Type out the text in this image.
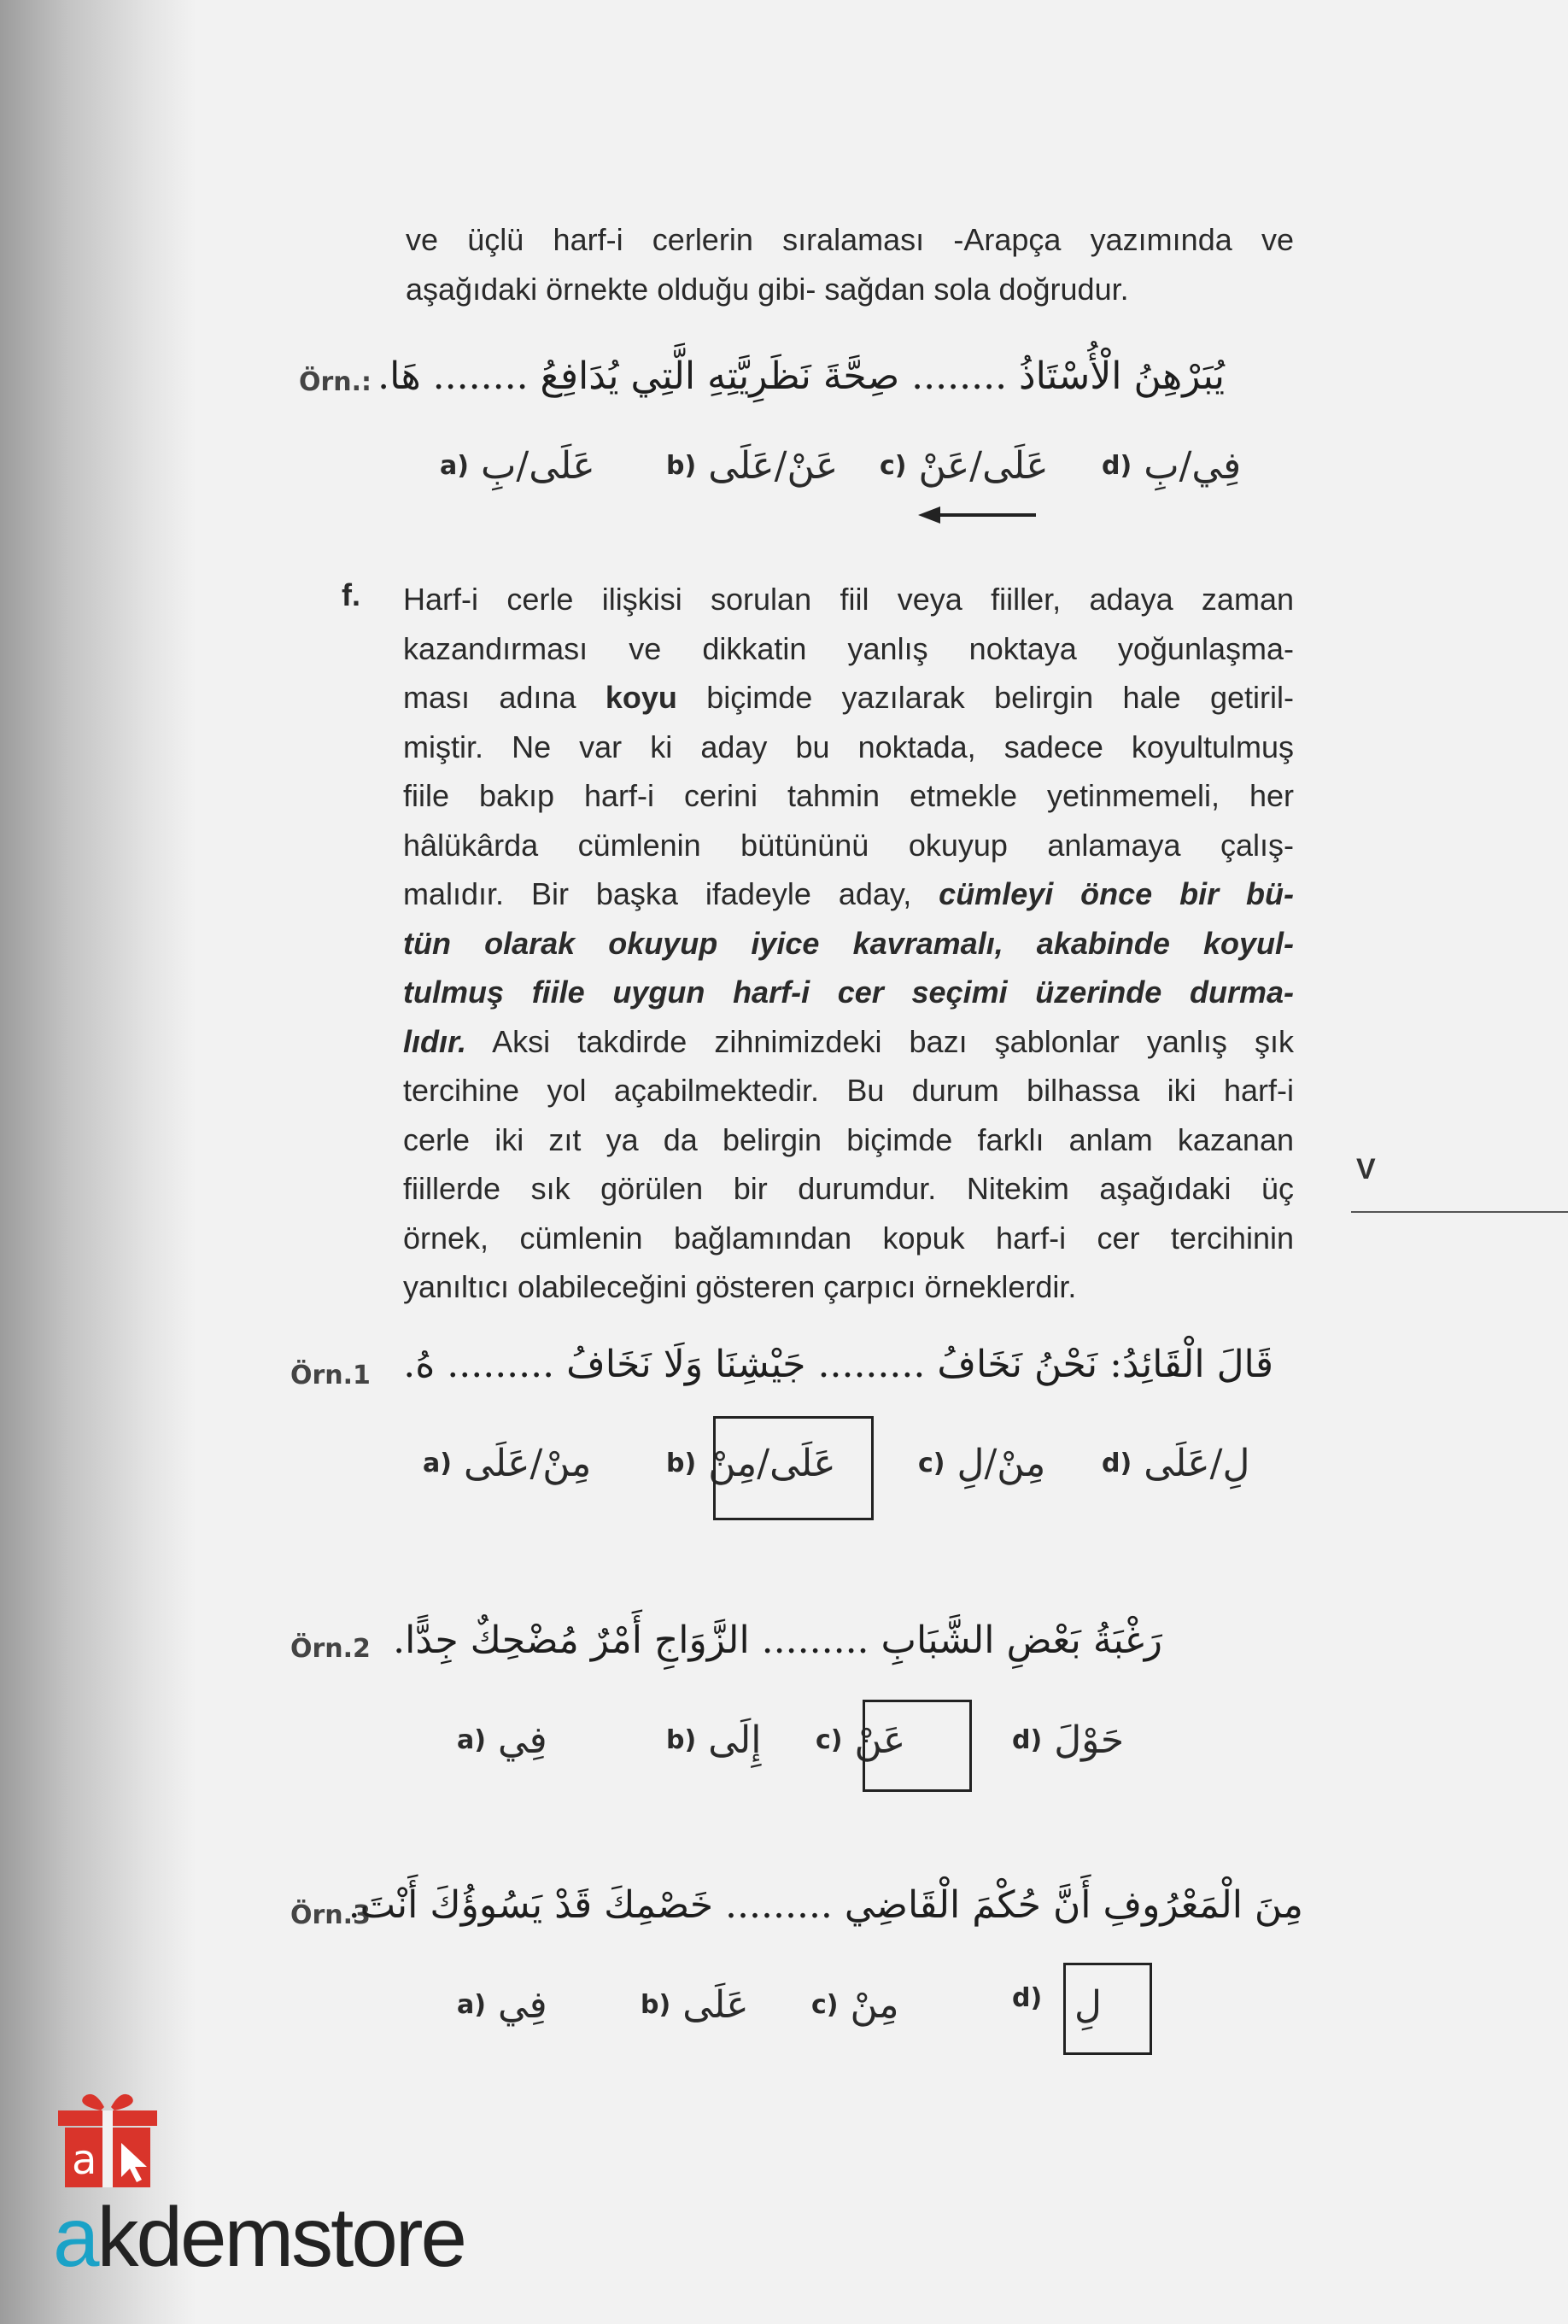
ve üçlü harf-i cerlerin sıralaması -Arapça yazımında ve
aşağıdaki örnekte olduğu gibi- sağdan sola doğrudur.
Örn.: يُبَرْهِنُ الْأُسْتَاذُ ........ صِحَّةَ نَظَرِيَّتِهِ الَّتِي يُدَافِعُ ........ هَا.
a) عَلَى/بِ	b) عَنْ/عَلَى c) عَلَى/عَنْ d) فِي/بِ
f. Harf-i cerle ilişkisi sorulan fiil veya fiiller, adaya zaman
kazandırması ve dikkatin yanlış noktaya yoğunlaşma-
ması adına koyu biçimde yazılarak belirgin hale getiril-
miştir. Ne var ki aday bu noktada, sadece koyultulmuş
fiile bakıp harf-i cerini tahmin etmekle yetinmemeli, her
hâlükârda cümlenin bütününü okuyup anlamaya çalış-
malıdır. Bir başka ifadeyle aday, cümleyi önce bir bü-
tün olarak okuyup iyice kavramalı, akabinde koyul-
tulmuş fiile uygun harf-i cer seçimi üzerinde durma-
lıdır. Aksi takdirde zihnimizdeki bazı şablonlar yanlış şık
tercihine yol açabilmektedir. Bu durum bilhassa iki harf-i
cerle iki zıt ya da belirgin biçimde farklı anlam kazanan
fiillerde sık görülen bir durumdur. Nitekim aşağıdaki üç
örnek, cümlenin bağlamından kopuk harf-i cer tercihinin
yanıltıcı olabileceğini gösteren çarpıcı örneklerdir.
V
Örn.1 قَالَ الْقَائِدُ: نَحْنُ نَخَافُ ......... جَيْشِنَا وَلَا نَخَافُ ......... هُ.
a) مِنْ/عَلَى	b) عَلَى/مِنْ	c) مِنْ/لِ d) لِ/عَلَى
Örn.2 رَغْبَةُ بَعْضِ الشَّبَابِ ......... الزَّوَاجِ أَمْرٌ مُضْحِكٌ جِدًّا.
a) فِي	b) إِلَى c) عَنْ	d) حَوْلَ
Örn.3
مِنَ الْمَعْرُوفِ أَنَّ حُكْمَ الْقَاضِي ......... خَصْمِكَ قَدْ يَسُوؤُكَ أَنْتَ.
a) فِي	b) عَلَى c) مِنْ	d) لِ
a
akdemstore
